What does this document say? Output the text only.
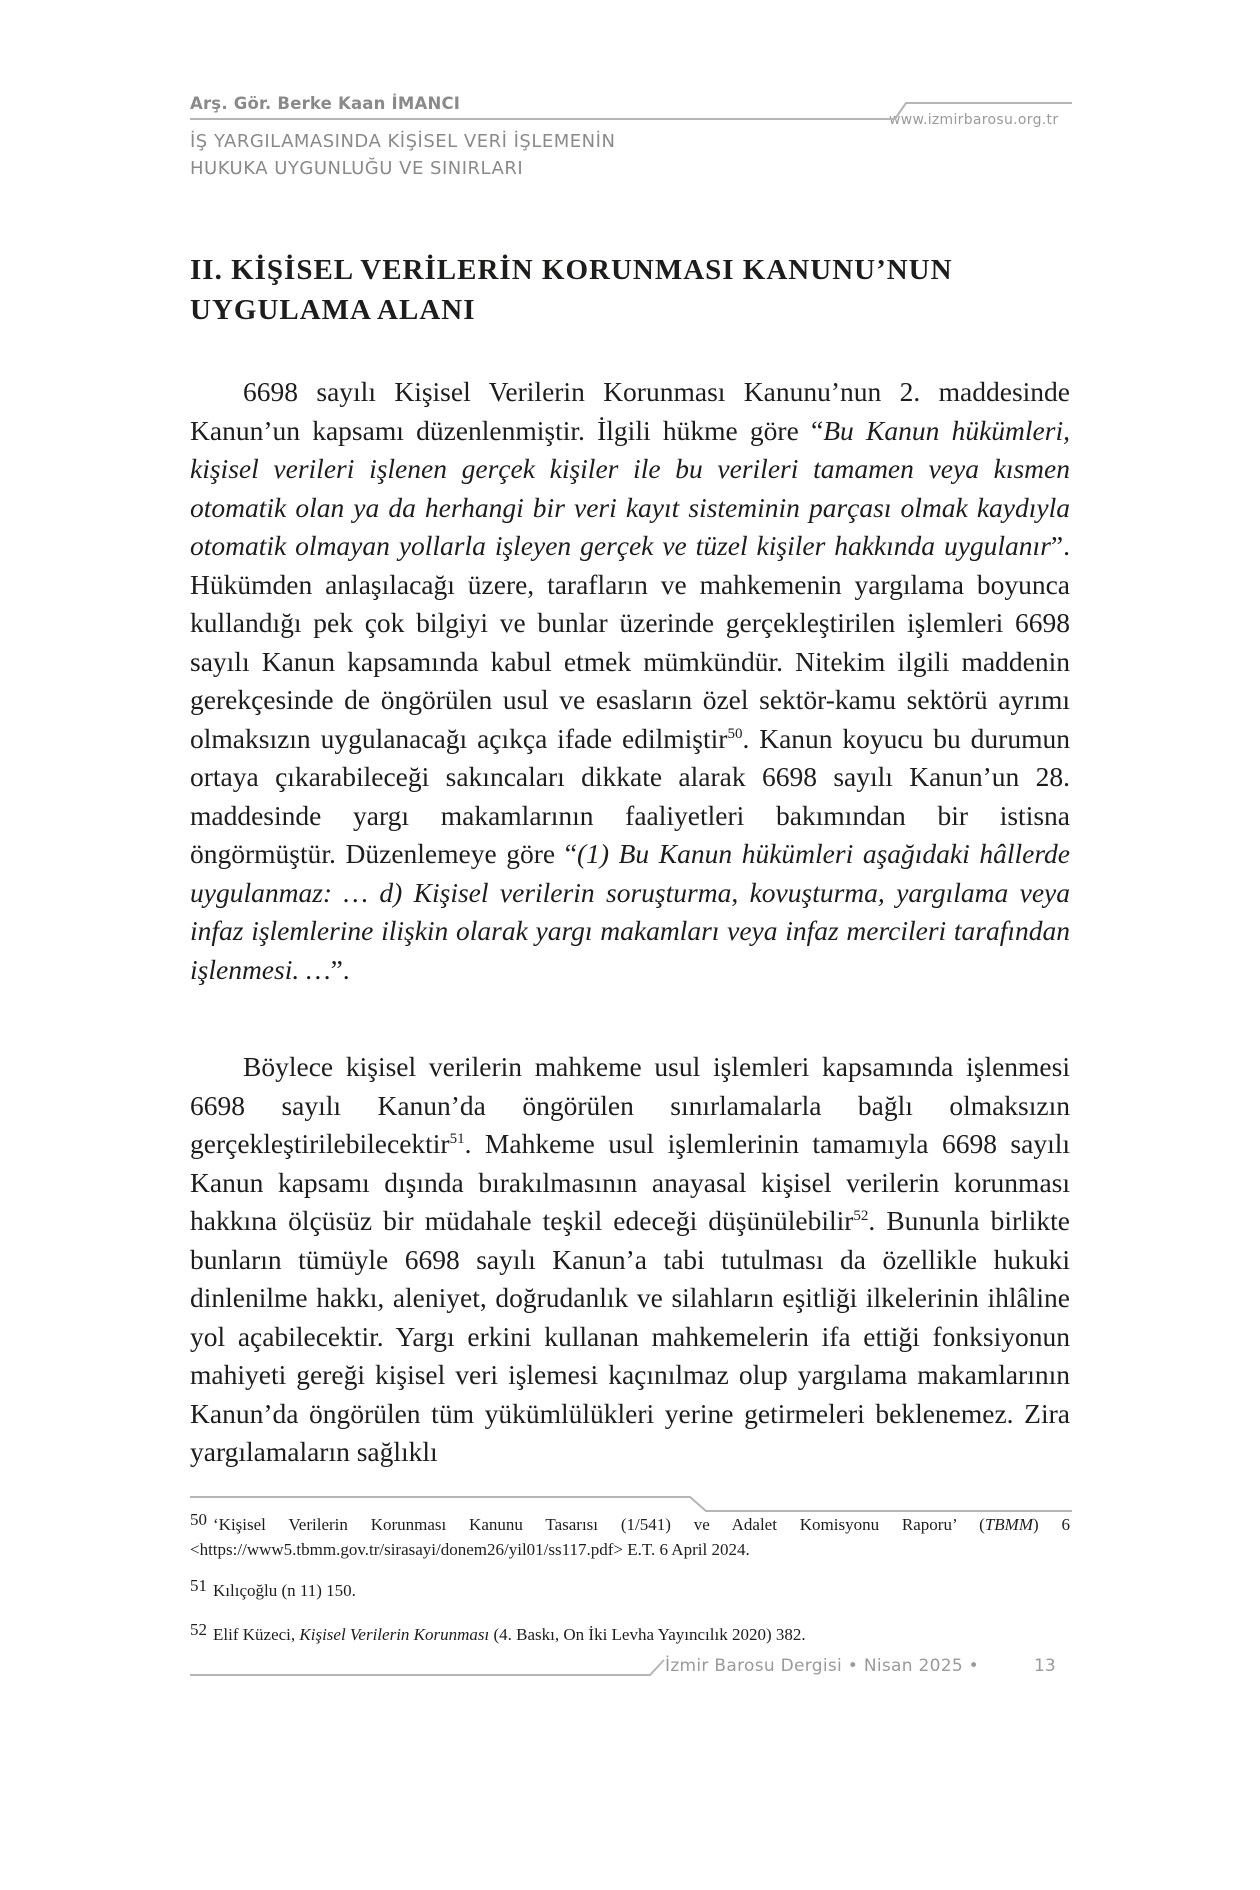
Arş. Gör. Berke Kaan İMANCI
İŞ YARGILAMASINDA KİŞİSEL VERİ İŞLEMENİN
HUKUKA UYGUNLUĞU VE SINIRLARI
www.izmirbarosu.org.tr
II. KİŞİSEL VERİLERİN KORUNMASI KANUNU’NUN UYGULAMA ALANI

6698 sayılı Kişisel Verilerin Korunması Kanunu’nun 2. maddesinde Kanun’un kapsamı düzenlenmiştir. İlgili hükme göre “Bu Kanun hükümleri, kişisel verileri işlenen gerçek kişiler ile bu verileri tamamen veya kısmen otomatik olan ya da herhangi bir veri kayıt sisteminin parçası olmak kaydıyla otomatik olmayan yollarla işleyen gerçek ve tüzel kişiler hakkında uygulanır”. Hükümden anlaşılacağı üzere, tarafların ve mahkemenin yargılama boyunca kullandığı pek çok bilgiyi ve bunlar üzerinde gerçekleştirilen işlemleri 6698 sayılı Kanun kapsamında kabul etmek mümkündür. Nitekim ilgili maddenin gerekçesinde de öngörülen usul ve esasların özel sektör-kamu sektörü ayrımı olmaksızın uygulanacağı açıkça ifade edilmiştir$^{50}$. Kanun koyucu bu durumun ortaya çıkarabileceği sakıncaları dikkate alarak 6698 sayılı Kanun’un 28. maddesinde yargı makamlarının faaliyetleri bakımından bir istisna öngörmüştür. Düzenlemeye göre “(1) Bu Kanun hükümleri aşağıdaki hâllerde uygulanmaz: … d) Kişisel verilerin soruşturma, kovuşturma, yargılama veya infaz işlemlerine ilişkin olarak yargı makamları veya infaz mercileri tarafından işlenmesi. …”.

Böylece kişisel verilerin mahkeme usul işlemleri kapsamında işlenmesi 6698 sayılı Kanun’da öngörülen sınırlamalarla bağlı olmaksızın gerçekleştirilebilecektir$^{51}$. Mahkeme usul işlemlerinin tamamıyla 6698 sayılı Kanun kapsamı dışında bırakılmasının anayasal kişisel verilerin korunması hakkına ölçüsüz bir müdahale teşkil edeceği düşünülebilir$^{52}$. Bununla birlikte bunların tümüyle 6698 sayılı Kanun’a tabi tutulması da özellikle hukuki dinlenilme hakkı, aleniyet, doğrudanlık ve silahların eşitliği ilkelerinin ihlâline yol açabilecektir. Yargı erkini kullanan mahkemelerin ifa ettiği fonksiyonun mahiyeti gereği kişisel veri işlemesi kaçınılmaz olup yargılama makamlarının Kanun’da öngörülen tüm yükümlülükleri yerine getirmeleri beklenemez. Zira yargılamaların sağlıklı

50 ‘Kişisel Verilerin Korunması Kanunu Tasarısı (1/541) ve Adalet Komisyonu Raporu’ (TBMM) 6 <https://www5.tbmm.gov.tr/sirasayi/donem26/yil01/ss117.pdf> E.T. 6 April 2024.

51 Kılıçoğlu (n 11) 150.

52 Elif Küzeci, Kişisel Verilerin Korunması (4. Baskı, On İki Levha Yayıncılık 2020) 382.

İzmir Barosu Dergisi • Nisan 2025 •	13
